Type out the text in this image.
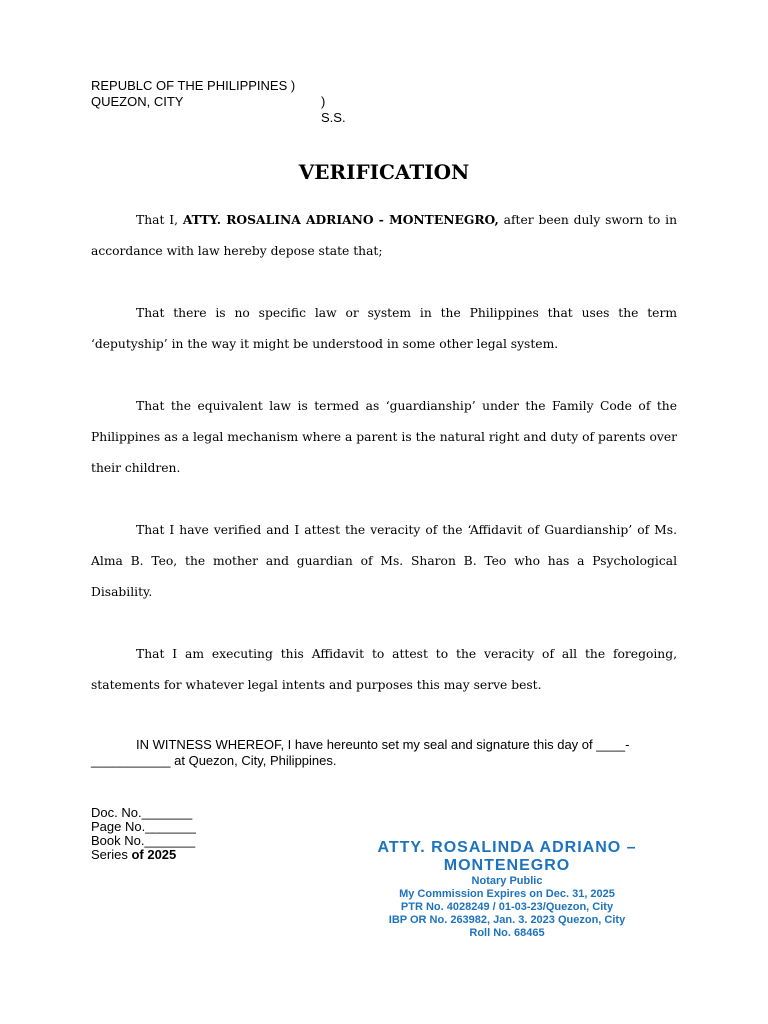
REPUBLC OF THE PHILIPPINES )
QUEZON, CITY	) S.S.
VERIFICATION

That I, ATTY. ROSALINA ADRIANO - MONTENEGRO, after been duly sworn to in accordance with law hereby depose state that;

That there is no specific law or system in the Philippines that uses the term ‘deputyship’ in the way it might be understood in some other legal system.

That the equivalent law is termed as ‘guardianship’ under the Family Code of the Philippines as a legal mechanism where a parent is the natural right and duty of parents over their children.

That I have verified and I attest the veracity of the ‘Affidavit of Guardianship’ of Ms. Alma B. Teo, the mother and guardian of Ms. Sharon B. Teo who has a Psychological Disability.

That I am executing this Affidavit to attest to the veracity of all the foregoing, statements for whatever legal intents and purposes this may serve best.

IN WITNESS WHEREOF, I have hereunto set my seal and signature this day of ____-___________ at Quezon, City, Philippines.
Doc. No._______
Page No._______
Book No._______
Series of 2025	ATTY. ROSALINDA ADRIANO –
MONTENEGRO
Notary Public
My Commission Expires on Dec. 31, 2025
PTR No. 4028249 / 01-03-23/Quezon, City
IBP OR No. 263982, Jan. 3. 2023 Quezon, City
Roll No. 68465
